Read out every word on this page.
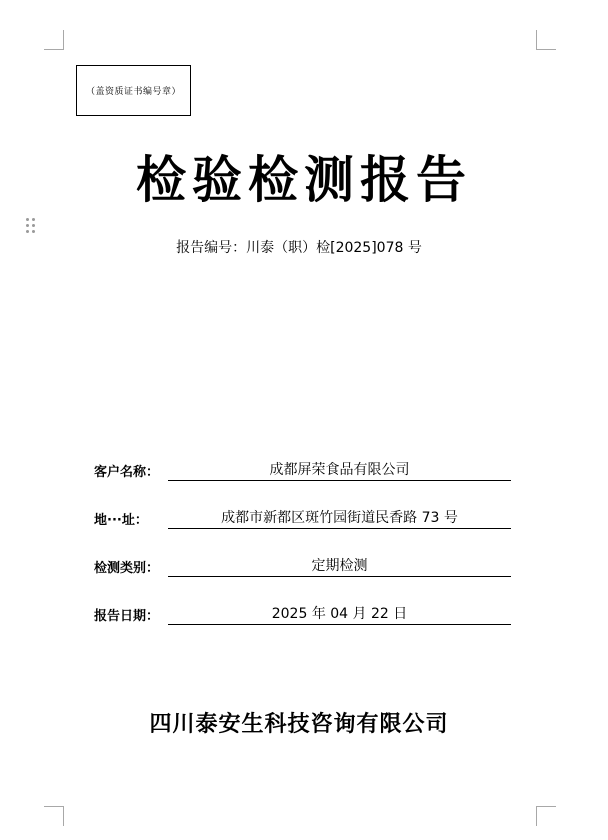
（盖资质证书编号章）
检验检测报告
报告编号：川泰（职）检[2025]078 号
客户名称：	成都屏荣食品有限公司
地···址：	成都市新都区斑竹园街道民香路 73 号
检测类别：	定期检测
报告日期：	2025 年 04 月 22 日
四川泰安生科技咨询有限公司
